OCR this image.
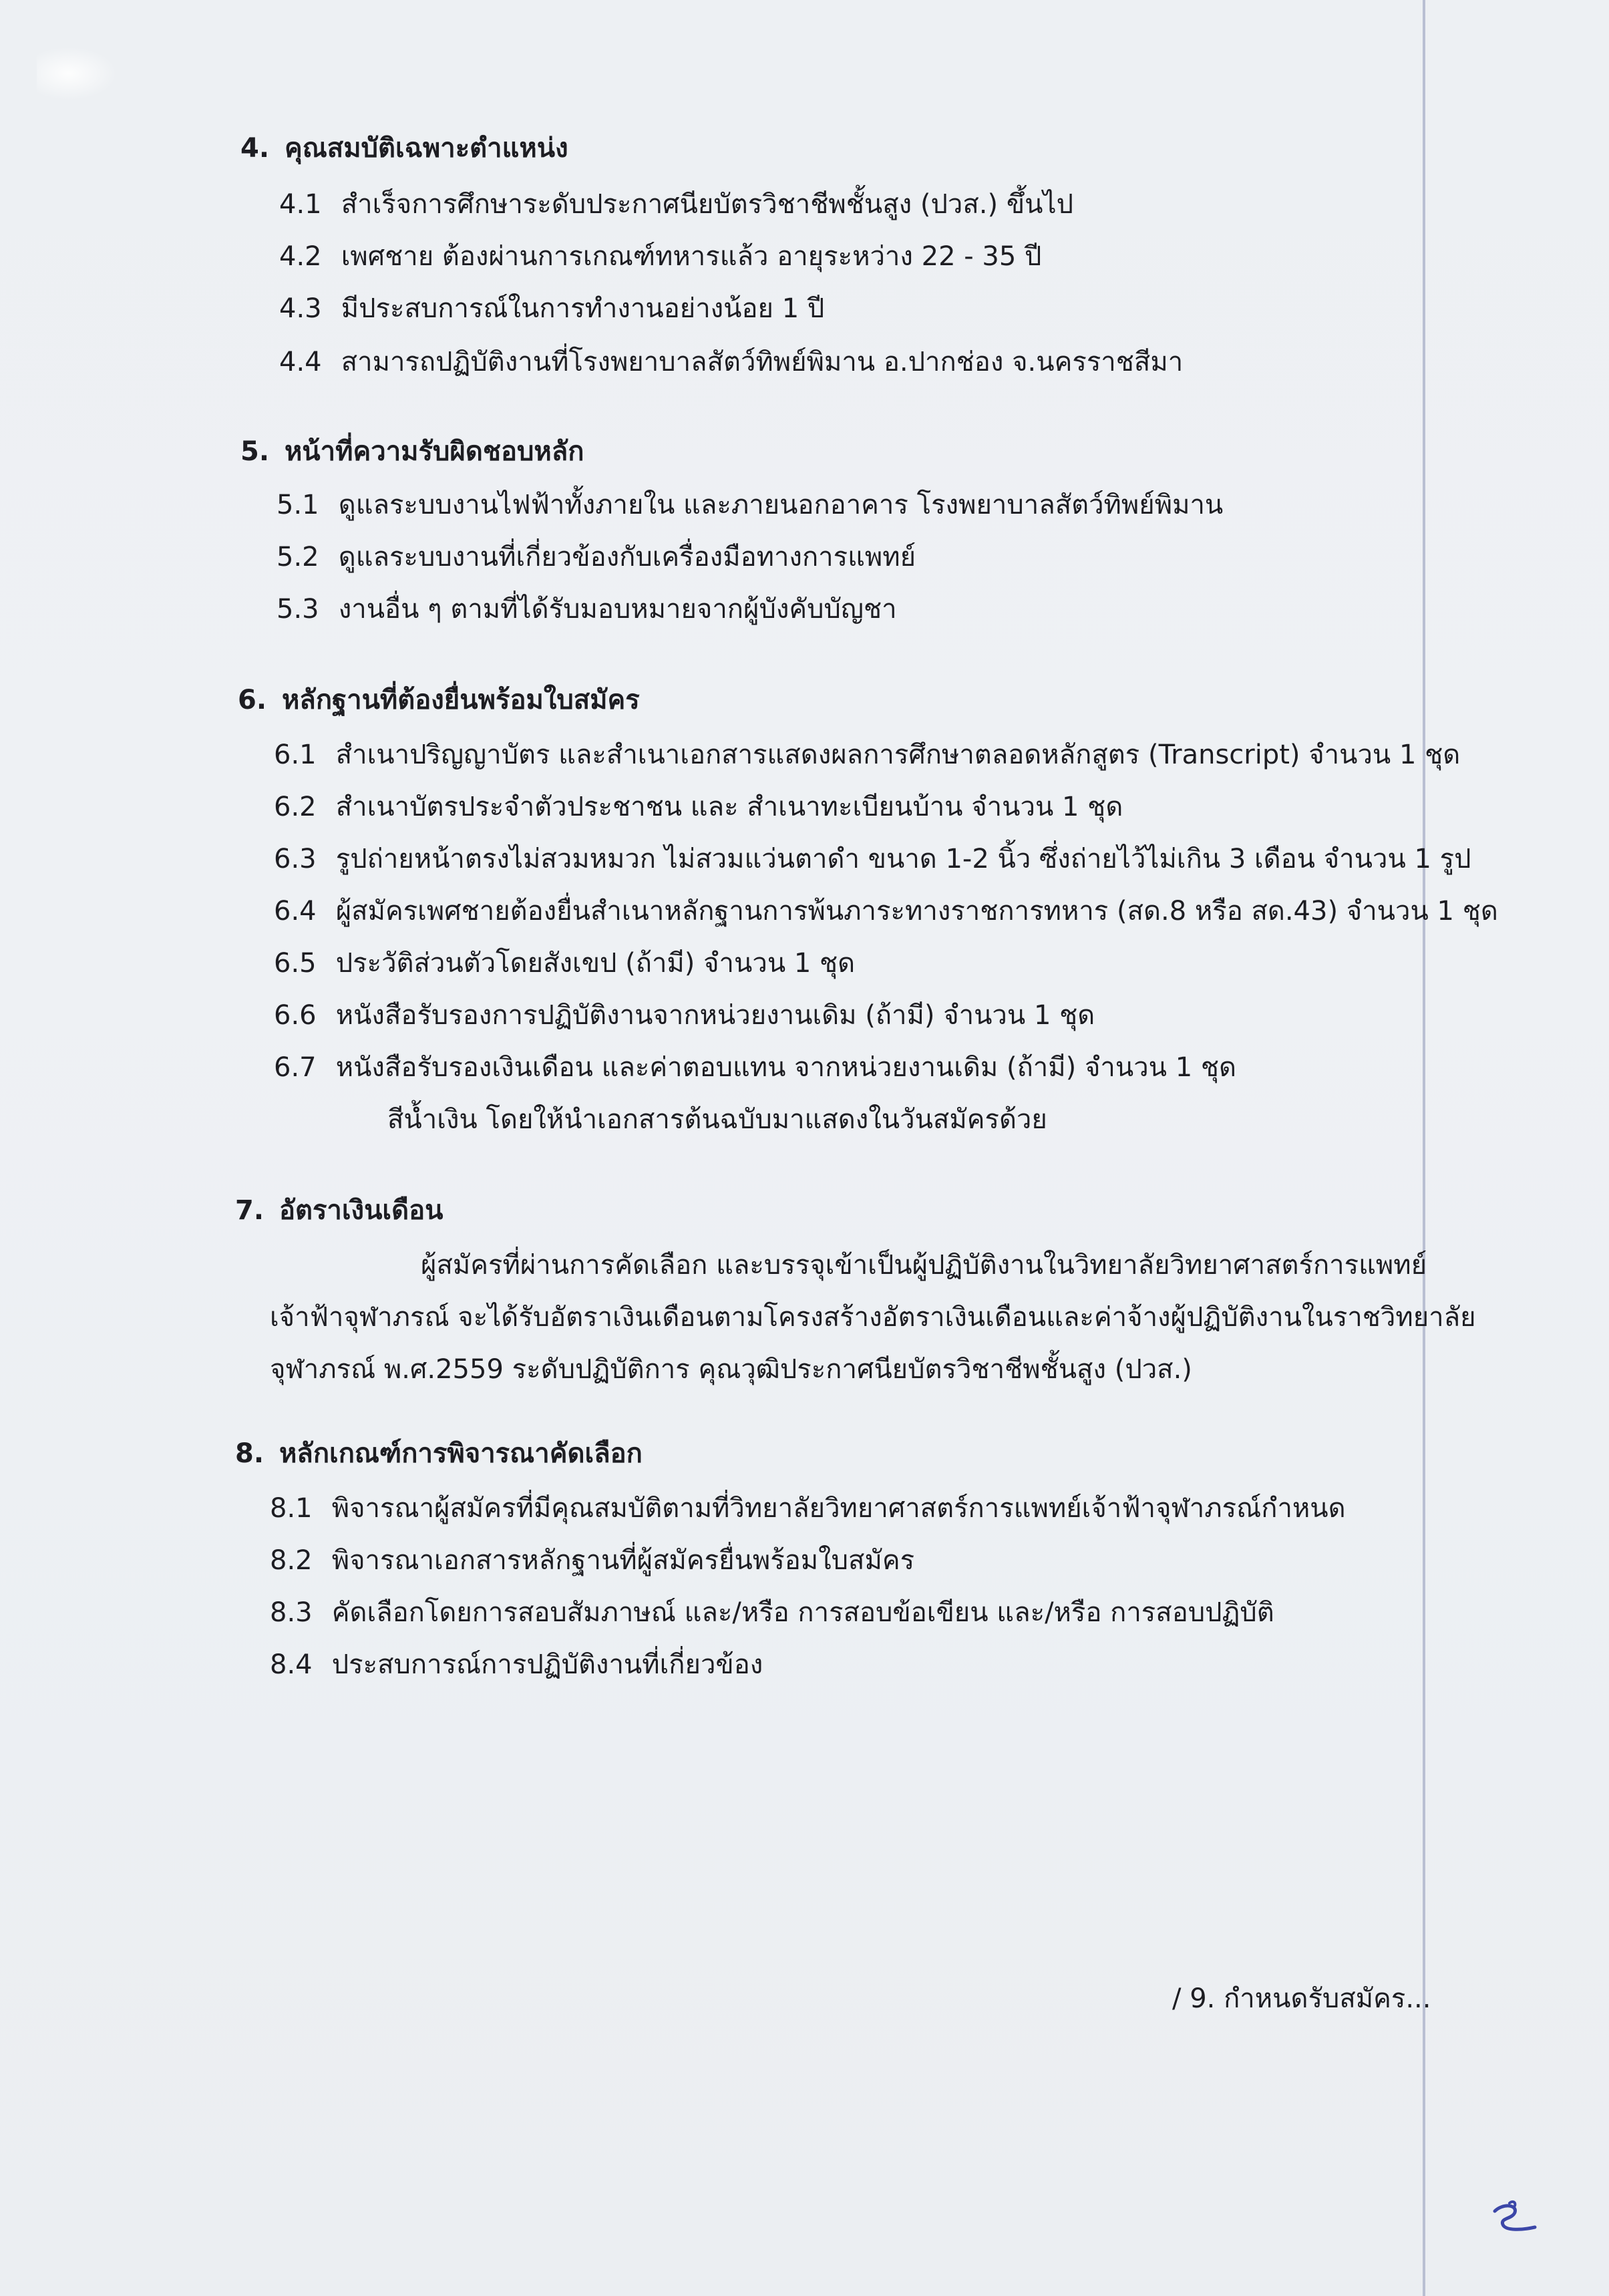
4. คุณสมบัติเฉพาะตำแหน่ง
4.1 สำเร็จการศึกษาระดับประกาศนียบัตรวิชาชีพชั้นสูง (ปวส.) ขึ้นไป
4.2 เพศชาย ต้องผ่านการเกณฑ์ทหารแล้ว อายุระหว่าง 22 - 35 ปี
4.3 มีประสบการณ์ในการทำงานอย่างน้อย 1 ปี
4.4 สามารถปฏิบัติงานที่โรงพยาบาลสัตว์ทิพย์พิมาน อ.ปากช่อง จ.นครราชสีมา
5. หน้าที่ความรับผิดชอบหลัก
5.1 ดูแลระบบงานไฟฟ้าทั้งภายใน และภายนอกอาคาร โรงพยาบาลสัตว์ทิพย์พิมาน
5.2 ดูแลระบบงานที่เกี่ยวข้องกับเครื่องมือทางการแพทย์
5.3 งานอื่น ๆ ตามที่ได้รับมอบหมายจากผู้บังคับบัญชา
6. หลักฐานที่ต้องยื่นพร้อมใบสมัคร
6.1 สำเนาปริญญาบัตร และสำเนาเอกสารแสดงผลการศึกษาตลอดหลักสูตร (Transcript) จำนวน 1 ชุด
6.2 สำเนาบัตรประจำตัวประชาชน และ สำเนาทะเบียนบ้าน จำนวน 1 ชุด
6.3 รูปถ่ายหน้าตรงไม่สวมหมวก ไม่สวมแว่นตาดำ ขนาด 1-2 นิ้ว ซึ่งถ่ายไว้ไม่เกิน 3 เดือน จำนวน 1 รูป
6.4 ผู้สมัครเพศชายต้องยื่นสำเนาหลักฐานการพ้นภาระทางราชการทหาร (สด.8 หรือ สด.43) จำนวน 1 ชุด
6.5 ประวัติส่วนตัวโดยสังเขป (ถ้ามี) จำนวน 1 ชุด
6.6 หนังสือรับรองการปฏิบัติงานจากหน่วยงานเดิม (ถ้ามี) จำนวน 1 ชุด
6.7 หนังสือรับรองเงินเดือน และค่าตอบแทน จากหน่วยงานเดิม (ถ้ามี) จำนวน 1 ชุด
สีน้ำเงิน โดยให้นำเอกสารต้นฉบับมาแสดงในวันสมัครด้วย
7. อัตราเงินเดือน
ผู้สมัครที่ผ่านการคัดเลือก และบรรจุเข้าเป็นผู้ปฏิบัติงานในวิทยาลัยวิทยาศาสตร์การแพทย์
เจ้าฟ้าจุฬาภรณ์ จะได้รับอัตราเงินเดือนตามโครงสร้างอัตราเงินเดือนและค่าจ้างผู้ปฏิบัติงานในราชวิทยาลัย
จุฬาภรณ์ พ.ศ.2559 ระดับปฏิบัติการ คุณวุฒิประกาศนียบัตรวิชาชีพชั้นสูง (ปวส.)
8. หลักเกณฑ์การพิจารณาคัดเลือก
8.1 พิจารณาผู้สมัครที่มีคุณสมบัติตามที่วิทยาลัยวิทยาศาสตร์การแพทย์เจ้าฟ้าจุฬาภรณ์กำหนด
8.2 พิจารณาเอกสารหลักฐานที่ผู้สมัครยื่นพร้อมใบสมัคร
8.3 คัดเลือกโดยการสอบสัมภาษณ์ และ/หรือ การสอบข้อเขียน และ/หรือ การสอบปฏิบัติ
8.4 ประสบการณ์การปฏิบัติงานที่เกี่ยวข้อง
/ 9. กำหนดรับสมัคร...
